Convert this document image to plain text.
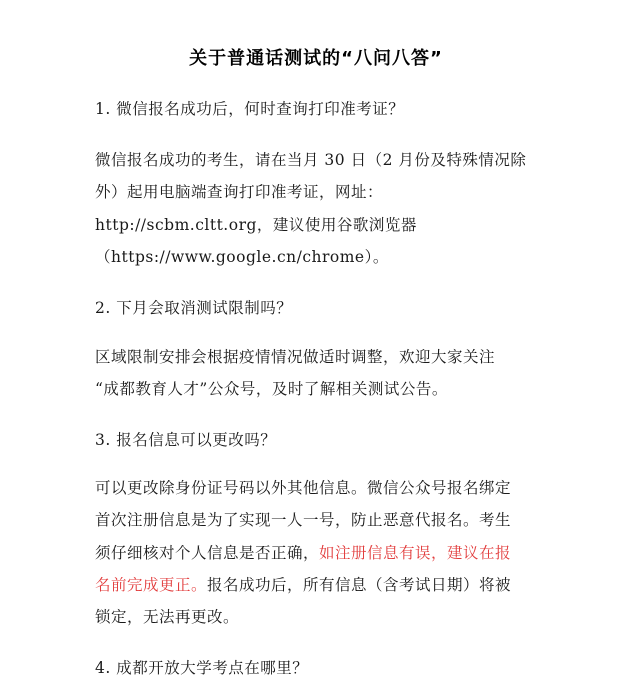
关于普通话测试的“八问八答”
1. 微信报名成功后，何时查询打印准考证？
微信报名成功的考生，请在当月 30 日（2 月份及特殊情况除
外）起用电脑端查询打印准考证，网址：
http://scbm.cltt.org，建议使用谷歌浏览器
（https://www.google.cn/chrome）。
2. 下月会取消测试限制吗？
区域限制安排会根据疫情情况做适时调整，欢迎大家关注
“成都教育人才”公众号，及时了解相关测试公告。
3. 报名信息可以更改吗？
可以更改除身份证号码以外其他信息。微信公众号报名绑定
首次注册信息是为了实现一人一号，防止恶意代报名。考生
须仔细核对个人信息是否正确，如注册信息有误，建议在报
名前完成更正。报名成功后，所有信息（含考试日期）将被
锁定，无法再更改。
4. 成都开放大学考点在哪里？
